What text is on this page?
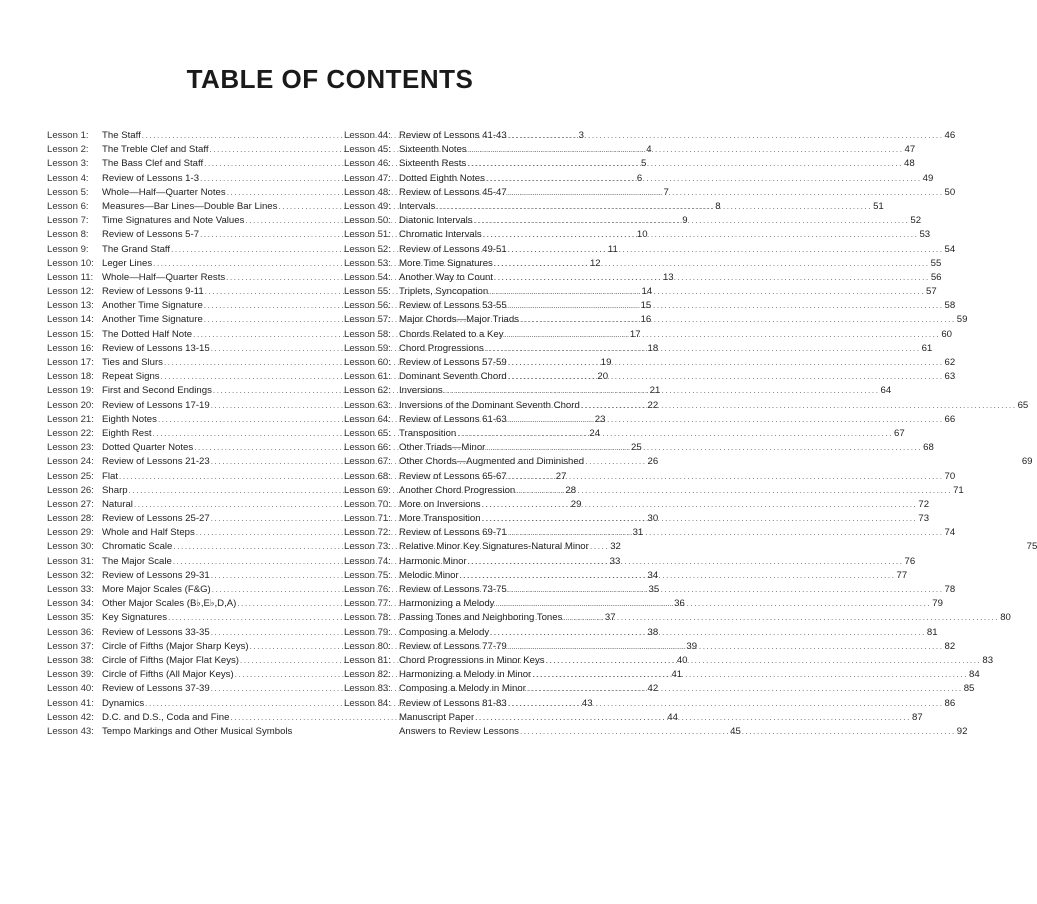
TABLE OF CONTENTS
Lesson 1:	The Staff .....	3
Lesson 2:	The Treble Clef and Staff .....	4
Lesson 3:	The Bass Clef and Staff .....	5
Lesson 4:	Review of Lessons 1-3 .....	6
Lesson 5:	Whole—Half—Quarter Notes .....	7
Lesson 6:	Measures—Bar Lines—Double Bar Lines .....	8
Lesson 7:	Time Signatures and Note Values .....	9
Lesson 8:	Review of Lessons 5-7 .....	10
Lesson 9:	The Grand Staff .....	11
Lesson 10: Leger Lines .....	12
Lesson 11: Whole—Half—Quarter Rests .....	13
Lesson 12: Review of Lessons 9-11 .....	14
Lesson 13: Another Time Signature .....	15
Lesson 14: Another Time Signature .....	16
Lesson 15: The Dotted Half Note .....	17
Lesson 16: Review of Lessons 13-15 .....	18
Lesson 17: Ties and Slurs .....	19
Lesson 18: Repeat Signs .....	20
Lesson 19: First and Second Endings .....	21
Lesson 20: Review of Lessons 17-19 .....	22
Lesson 21: Eighth Notes .....	23
Lesson 22: Eighth Rest .....	24
Lesson 23: Dotted Quarter Notes .....	25
Lesson 24: Review of Lessons 21-23 .....	26
Lesson 25: Flat .....	27
Lesson 26: Sharp .....	28
Lesson 27: Natural .....	29
Lesson 28: Review of Lessons 25-27 .....	30
Lesson 29: Whole and Half Steps .....	31
Lesson 30: Chromatic Scale .....	32
Lesson 31: The Major Scale .....	33
Lesson 32: Review of Lessons 29-31 .....	34
Lesson 33: More Major Scales (F&G) .....	35
Lesson 34: Other Major Scales (B♭,E♭,D,A) .....	36
Lesson 35: Key Signatures .....	37
Lesson 36: Review of Lessons 33-35 .....	38
Lesson 37: Circle of Fifths (Major Sharp Keys) .....	39
Lesson 38: Circle of Fifths (Major Flat Keys) .....	40
Lesson 39: Circle of Fifths (All Major Keys) .....	41
Lesson 40: Review of Lessons 37-39 .....	42
Lesson 41: Dynamics .....	43
Lesson 42: D.C. and D.S., Coda and Fine .....	44
Lesson 43: Tempo Markings and Other Musical Symbols	45
Lesson 44: Review of Lessons 41-43 .....	46
Lesson 45: Sixteenth Notes .....	47
Lesson 46: Sixteenth Rests .....	48
Lesson 47: Dotted Eighth Notes .....	49
Lesson 48: Review of Lessons 45-47 .....	50
Lesson 49: Intervals .....	51
Lesson 50: Diatonic Intervals .....	52
Lesson 51: Chromatic Intervals .....	53
Lesson 52: Review of Lessons 49-51 .....	54
Lesson 53: More Time Signatures .....	55
Lesson 54: Another Way to Count .....	56
Lesson 55: Triplets, Syncopation .....	57
Lesson 56: Review of Lessons 53-55 .....	58
Lesson 57: Major Chords—Major Triads .....	59
Lesson 58: Chords Related to a Key .....	60
Lesson 59: Chord Progressions .....	61
Lesson 60: Review of Lessons 57-59 .....	62
Lesson 61: Dominant Seventh Chord .....	63
Lesson 62: Inversions .....	64
Lesson 63: Inversions of the Dominant Seventh Chord .....	65
Lesson 64: Review of Lessons 61-63 .....	66
Lesson 65: Transposition .....	67
Lesson 66: Other Triads—Minor .....	68
Lesson 67: Other Chords—Augmented and Diminished	69
Lesson 68: Review of Lessons 65-67 .....	70
Lesson 69: Another Chord Progression .....	71
Lesson 70: More on Inversions .....	72
Lesson 71: More Transposition .....	73
Lesson 72: Review of Lessons 69-71 .....	74
Lesson 73: Relative Minor Key Signatures-Natural Minor	75
Lesson 74: Harmonic Minor .....	76
Lesson 75: Melodic Minor .....	77
Lesson 76: Review of Lessons 73-75 .....	78
Lesson 77: Harmonizing a Melody .....	79
Lesson 78: Passing Tones and Neighboring Tones .....	80
Lesson 79: Composing a Melody .....	81
Lesson 80: Review of Lessons 77-79 .....	82
Lesson 81: Chord Progressions in Minor Keys .....	83
Lesson 82: Harmonizing a Melody in Minor .....	84
Lesson 83: Composing a Melody in Minor .....	85
Lesson 84: Review of Lessons 81-83 .....	86
Manuscript Paper .....	87
Answers to Review Lessons .....	92
